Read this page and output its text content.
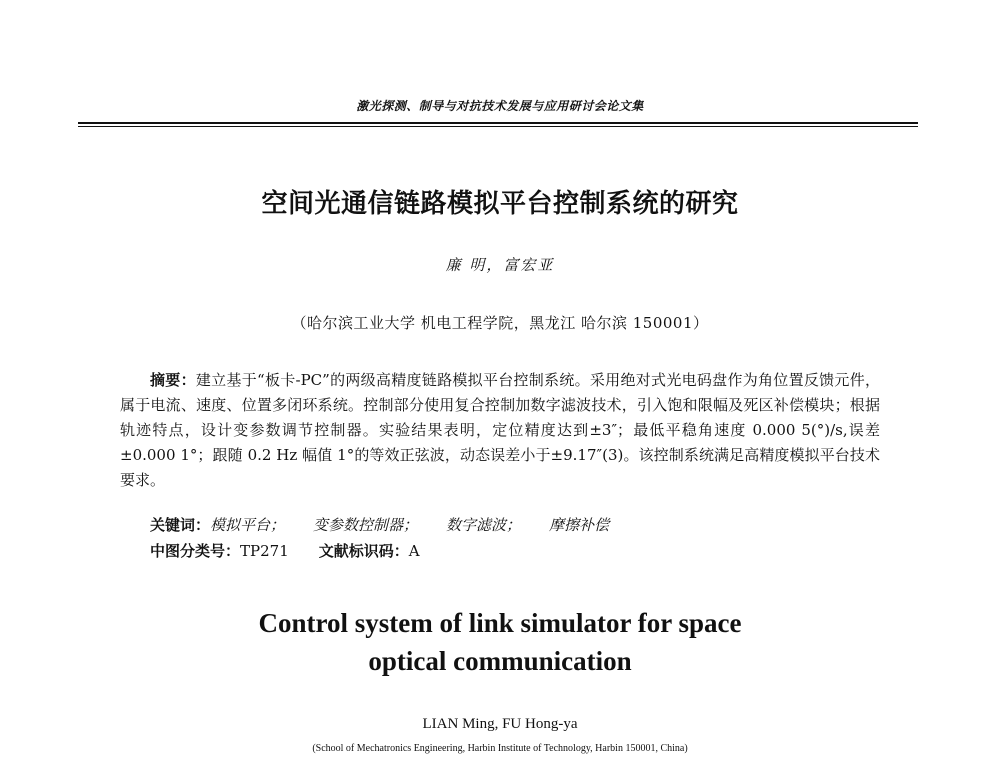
激光探测、制导与对抗技术发展与应用研讨会论文集
空间光通信链路模拟平台控制系统的研究
廉 明，富宏亚
（哈尔滨工业大学 机电工程学院，黑龙江 哈尔滨 150001）
摘要：建立基于“板卡-PC”的两级高精度链路模拟平台控制系统。采用绝对式光电码盘作为角位置反馈元件，属于电流、速度、位置多闭环系统。控制部分使用复合控制加数字滤波技术，引入饱和限幅及死区补偿模块；根据轨迹特点，设计变参数调节控制器。实验结果表明，定位精度达到±3″；最低平稳角速度 0.000 5(°)/s,误差±0.000 1°；跟随 0.2 Hz 幅值 1°的等效正弦波，动态误差小于±9.17″(3)。该控制系统满足高精度模拟平台技术要求。
关键词：模拟平台； 变参数控制器； 数字滤波； 摩擦补偿
中图分类号：TP271 文献标识码：A
Control system of link simulator for space
optical communication
LIAN Ming, FU Hong-ya
(School of Mechatronics Engineering, Harbin Institute of Technology, Harbin 150001, China)
